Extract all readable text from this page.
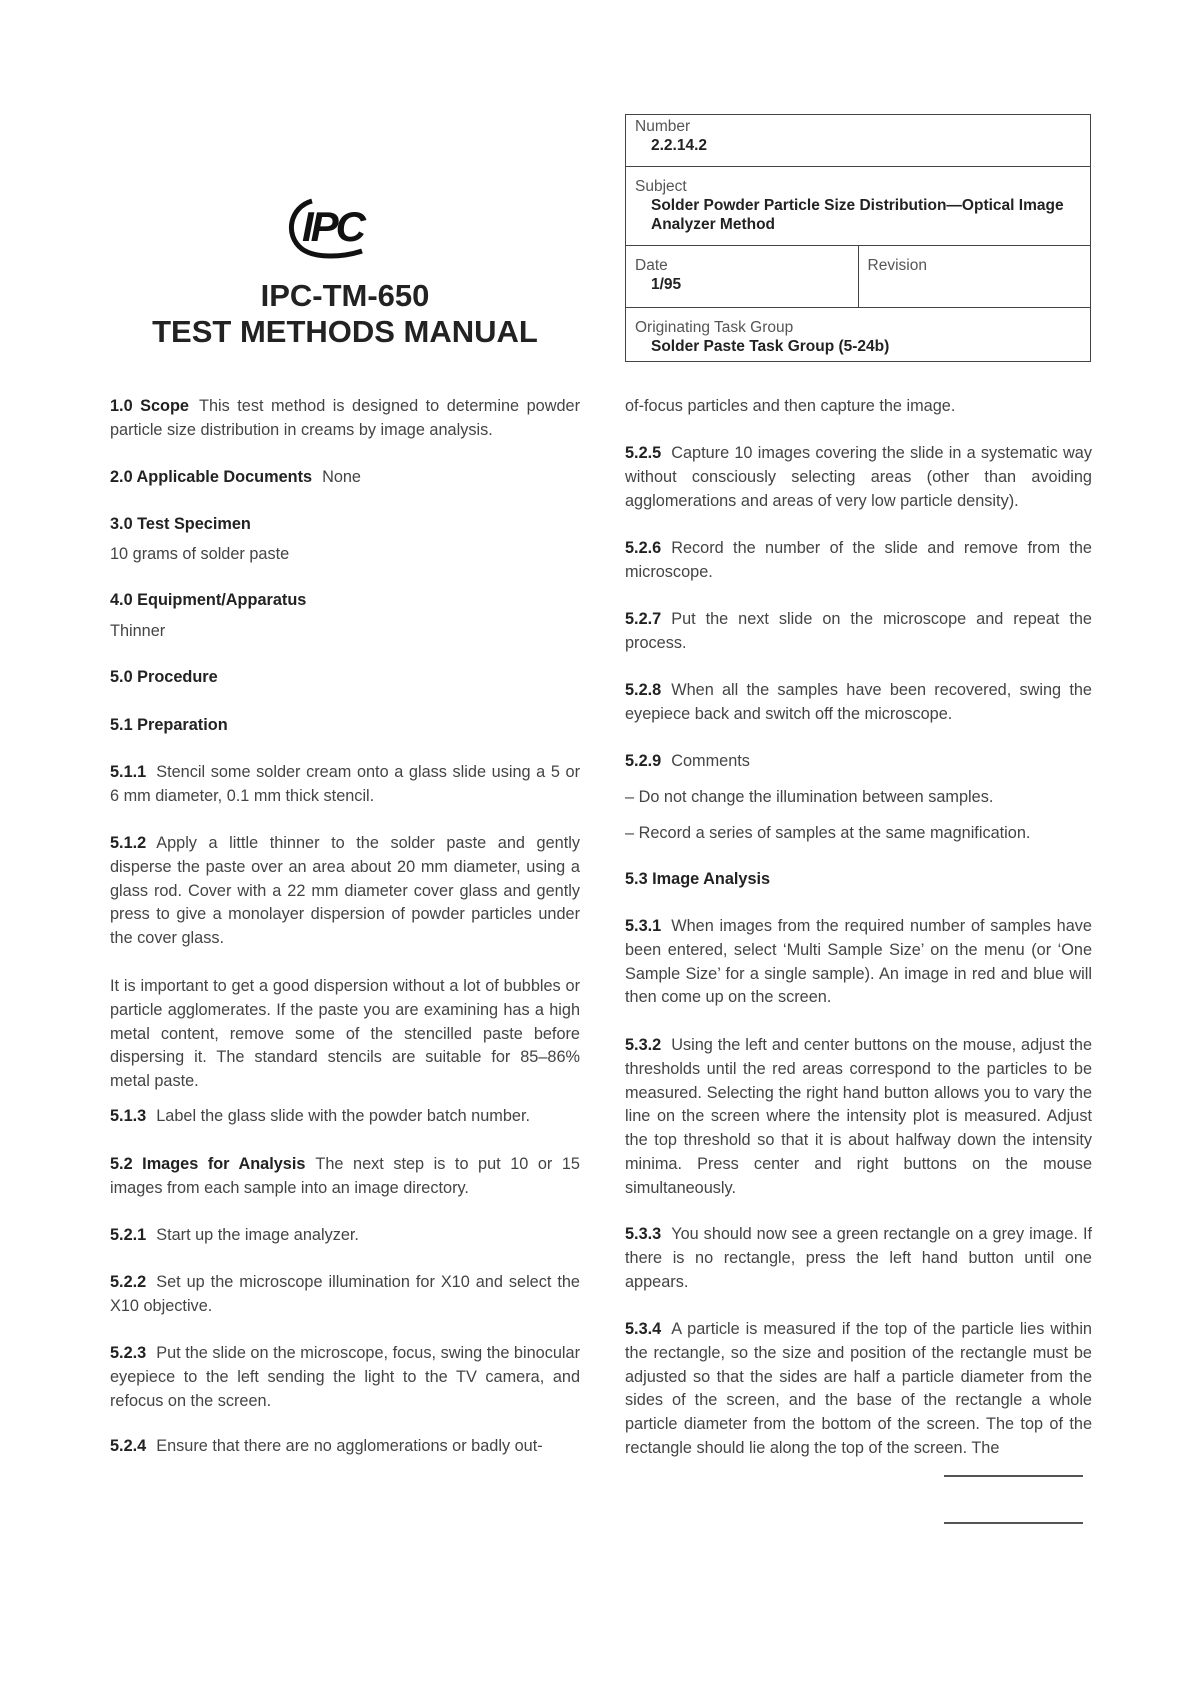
IPC
IPC-TM-650
TEST METHODS MANUAL
Number
2.2.14.2
Subject
Solder Powder Particle Size Distribution—Optical Image Analyzer Method
Date
1/95
Revision
Originating Task Group
Solder Paste Task Group (5-24b)
1.0 Scope This test method is designed to determine powder particle size distribution in creams by image analysis.
2.0 Applicable Documents None
3.0 Test Specimen
10 grams of solder paste
4.0 Equipment/Apparatus
Thinner
5.0 Procedure
5.1 Preparation
5.1.1 Stencil some solder cream onto a glass slide using a 5 or 6 mm diameter, 0.1 mm thick stencil.
5.1.2 Apply a little thinner to the solder paste and gently disperse the paste over an area about 20 mm diameter, using a glass rod. Cover with a 22 mm diameter cover glass and gently press to give a monolayer dispersion of powder particles under the cover glass.
It is important to get a good dispersion without a lot of bubbles or particle agglomerates. If the paste you are examining has a high metal content, remove some of the stencilled paste before dispersing it. The standard stencils are suitable for 85–86% metal paste.
5.1.3 Label the glass slide with the powder batch number.
5.2 Images for Analysis The next step is to put 10 or 15 images from each sample into an image directory.
5.2.1 Start up the image analyzer.
5.2.2 Set up the microscope illumination for X10 and select the X10 objective.
5.2.3 Put the slide on the microscope, focus, swing the binocular eyepiece to the left sending the light to the TV camera, and refocus on the screen.
5.2.4 Ensure that there are no agglomerations or badly out-
of-focus particles and then capture the image.
5.2.5 Capture 10 images covering the slide in a systematic way without consciously selecting areas (other than avoiding agglomerations and areas of very low particle density).
5.2.6 Record the number of the slide and remove from the microscope.
5.2.7 Put the next slide on the microscope and repeat the process.
5.2.8 When all the samples have been recovered, swing the eyepiece back and switch off the microscope.
5.2.9 Comments
– Do not change the illumination between samples.
– Record a series of samples at the same magnification.
5.3 Image Analysis
5.3.1 When images from the required number of samples have been entered, select ‘Multi Sample Size’ on the menu (or ‘One Sample Size’ for a single sample). An image in red and blue will then come up on the screen.
5.3.2 Using the left and center buttons on the mouse, adjust the thresholds until the red areas correspond to the particles to be measured. Selecting the right hand button allows you to vary the line on the screen where the intensity plot is measured. Adjust the top threshold so that it is about halfway down the intensity minima. Press center and right buttons on the mouse simultaneously.
5.3.3 You should now see a green rectangle on a grey image. If there is no rectangle, press the left hand button until one appears.
5.3.4 A particle is measured if the top of the particle lies within the rectangle, so the size and position of the rectangle must be adjusted so that the sides are half a particle diameter from the sides of the screen, and the base of the rectangle a whole particle diameter from the bottom of the screen. The top of the rectangle should lie along the top of the screen. The
